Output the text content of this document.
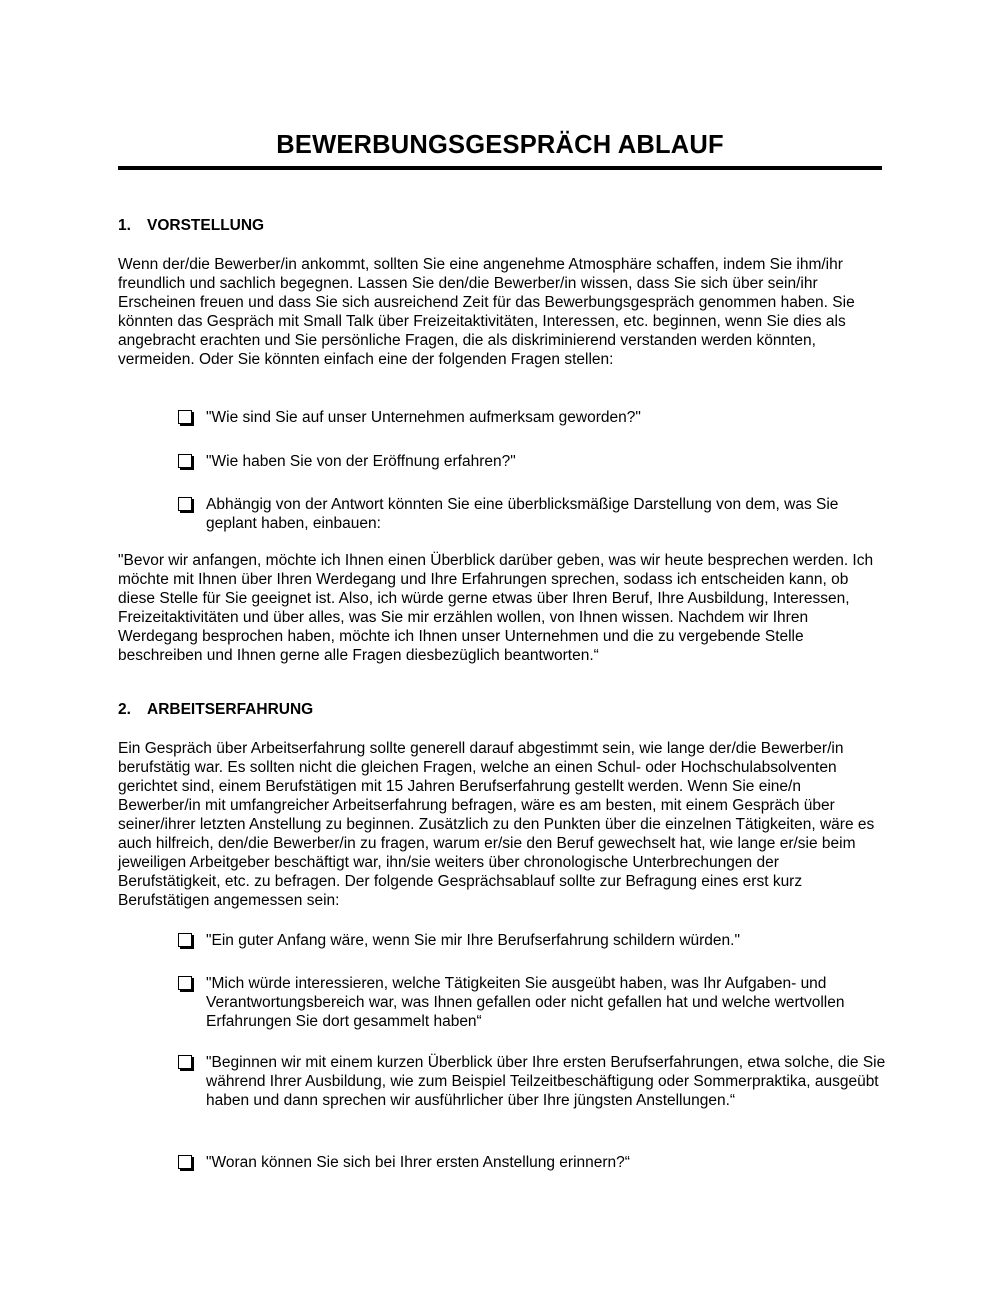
BEWERBUNGSGESPRÄCH ABLAUF
1. VORSTELLUNG

Wenn der/die Bewerber/in ankommt, sollten Sie eine angenehme Atmosphäre schaffen, indem Sie ihm/ihr freundlich und sachlich begegnen. Lassen Sie den/die Bewerber/in wissen, dass Sie sich über sein/ihr Erscheinen freuen und dass Sie sich ausreichend Zeit für das Bewerbungsgespräch genommen haben. Sie könnten das Gespräch mit Small Talk über Freizeitaktivitäten, Interessen, etc. beginnen, wenn Sie dies als angebracht erachten und Sie persönliche Fragen, die als diskriminierend verstanden werden könnten, vermeiden. Oder Sie könnten einfach eine der folgenden Fragen stellen:

"Wie sind Sie auf unser Unternehmen aufmerksam geworden?"
"Wie haben Sie von der Eröffnung erfahren?"
Abhängig von der Antwort könnten Sie eine überblicksmäßige Darstellung von dem, was Sie geplant haben, einbauen:

"Bevor wir anfangen, möchte ich Ihnen einen Überblick darüber geben, was wir heute besprechen werden. Ich möchte mit Ihnen über Ihren Werdegang und Ihre Erfahrungen sprechen, sodass ich entscheiden kann, ob diese Stelle für Sie geeignet ist. Also, ich würde gerne etwas über Ihren Beruf, Ihre Ausbildung, Interessen, Freizeitaktivitäten und über alles, was Sie mir erzählen wollen, von Ihnen wissen. Nachdem wir Ihren Werdegang besprochen haben, möchte ich Ihnen unser Unternehmen und die zu vergebende Stelle beschreiben und Ihnen gerne alle Fragen diesbezüglich beantworten.“

2. ARBEITSERFAHRUNG

Ein Gespräch über Arbeitserfahrung sollte generell darauf abgestimmt sein, wie lange der/die Bewerber/in berufstätig war. Es sollten nicht die gleichen Fragen, welche an einen Schul- oder Hochschulabsolventen gerichtet sind, einem Berufstätigen mit 15 Jahren Berufserfahrung gestellt werden. Wenn Sie eine/n Bewerber/in mit umfangreicher Arbeitserfahrung befragen, wäre es am besten, mit einem Gespräch über seiner/ihrer letzten Anstellung zu beginnen. Zusätzlich zu den Punkten über die einzelnen Tätigkeiten, wäre es auch hilfreich, den/die Bewerber/in zu fragen, warum er/sie den Beruf gewechselt hat, wie lange er/sie beim jeweiligen Arbeitgeber beschäftigt war, ihn/sie weiters über chronologische Unterbrechungen der Berufstätigkeit, etc. zu befragen. Der folgende Gesprächsablauf sollte zur Befragung eines erst kurz Berufstätigen angemessen sein:

"Ein guter Anfang wäre, wenn Sie mir Ihre Berufserfahrung schildern würden."
"Mich würde interessieren, welche Tätigkeiten Sie ausgeübt haben, was Ihr Aufgaben- und Verantwortungsbereich war, was Ihnen gefallen oder nicht gefallen hat und welche wertvollen Erfahrungen Sie dort gesammelt haben“
"Beginnen wir mit einem kurzen Überblick über Ihre ersten Berufserfahrungen, etwa solche, die Sie während Ihrer Ausbildung, wie zum Beispiel Teilzeitbeschäftigung oder Sommerpraktika, ausgeübt haben und dann sprechen wir ausführlicher über Ihre jüngsten Anstellungen.“
"Woran können Sie sich bei Ihrer ersten Anstellung erinnern?“
